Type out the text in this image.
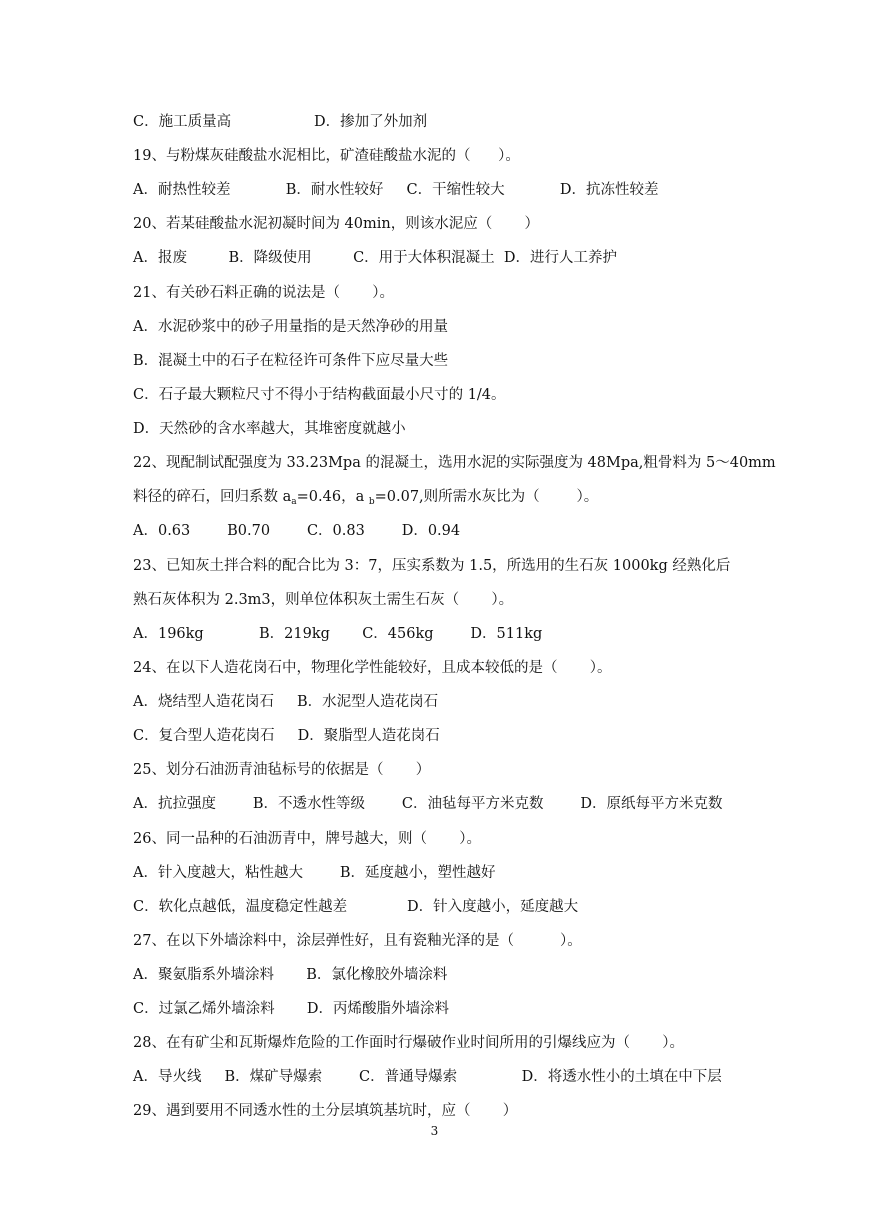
C．施工质量高                  D．掺加了外加剂
19、与粉煤灰硅酸盐水泥相比，矿渣硅酸盐水泥的（      ）。
A．耐热性较差            B．耐水性较好     C．干缩性较大            D．抗冻性较差
20、若某硅酸盐水泥初凝时间为 40min，则该水泥应（       ）
A．报废         B．降级使用         C．用于大体积混凝土  D．进行人工养护
21、有关砂石料正确的说法是（       ）。
A．水泥砂浆中的砂子用量指的是天然净砂的用量
B．混凝土中的石子在粒径许可条件下应尽量大些
C．石子最大颗粒尺寸不得小于结构截面最小尺寸的 1/4。
D．天然砂的含水率越大，其堆密度就越小
22、现配制试配强度为 33.23Mpa 的混凝土，选用水泥的实际强度为 48Mpa,粗骨料为 5～40mm
料径的碎石，回归系数 $a_a=0.46$，a $_b$=0.07,则所需水灰比为（        ）。
A．0.63        B0.70        C．0.83        D．0.94
23、已知灰土拌合料的配合比为 3：7，压实系数为 1.5，所选用的生石灰 1000kg 经熟化后
熟石灰体积为 2.3m3，则单位体积灰土需生石灰（       ）。
A．196kg            B．219kg       C．456kg        D．511kg
24、在以下人造花岗石中，物理化学性能较好，且成本较低的是（       ）。
A．烧结型人造花岗石     B．水泥型人造花岗石
C．复合型人造花岗石     D．聚脂型人造花岗石
25、划分石油沥青油毡标号的依据是（       ）
A．抗拉强度        B．不透水性等级        C．油毡每平方米克数        D．原纸每平方米克数
26、同一品种的石油沥青中，牌号越大，则（       ）。
A．针入度越大，粘性越大        B．延度越小，塑性越好
C．软化点越低，温度稳定性越差             D．针入度越小，延度越大
27、在以下外墙涂料中，涂层弹性好，且有瓷釉光泽的是（          ）。
A．聚氨脂系外墙涂料       B．氯化橡胶外墙涂料
C．过氯乙烯外墙涂料       D．丙烯酸脂外墙涂料
28、在有矿尘和瓦斯爆炸危险的工作面时行爆破作业时间所用的引爆线应为（       ）。
A．导火线     B．煤矿导爆索        C．普通导爆索              D．将透水性小的土填在中下层
29、遇到要用不同透水性的土分层填筑基坑时，应（       ）
3
